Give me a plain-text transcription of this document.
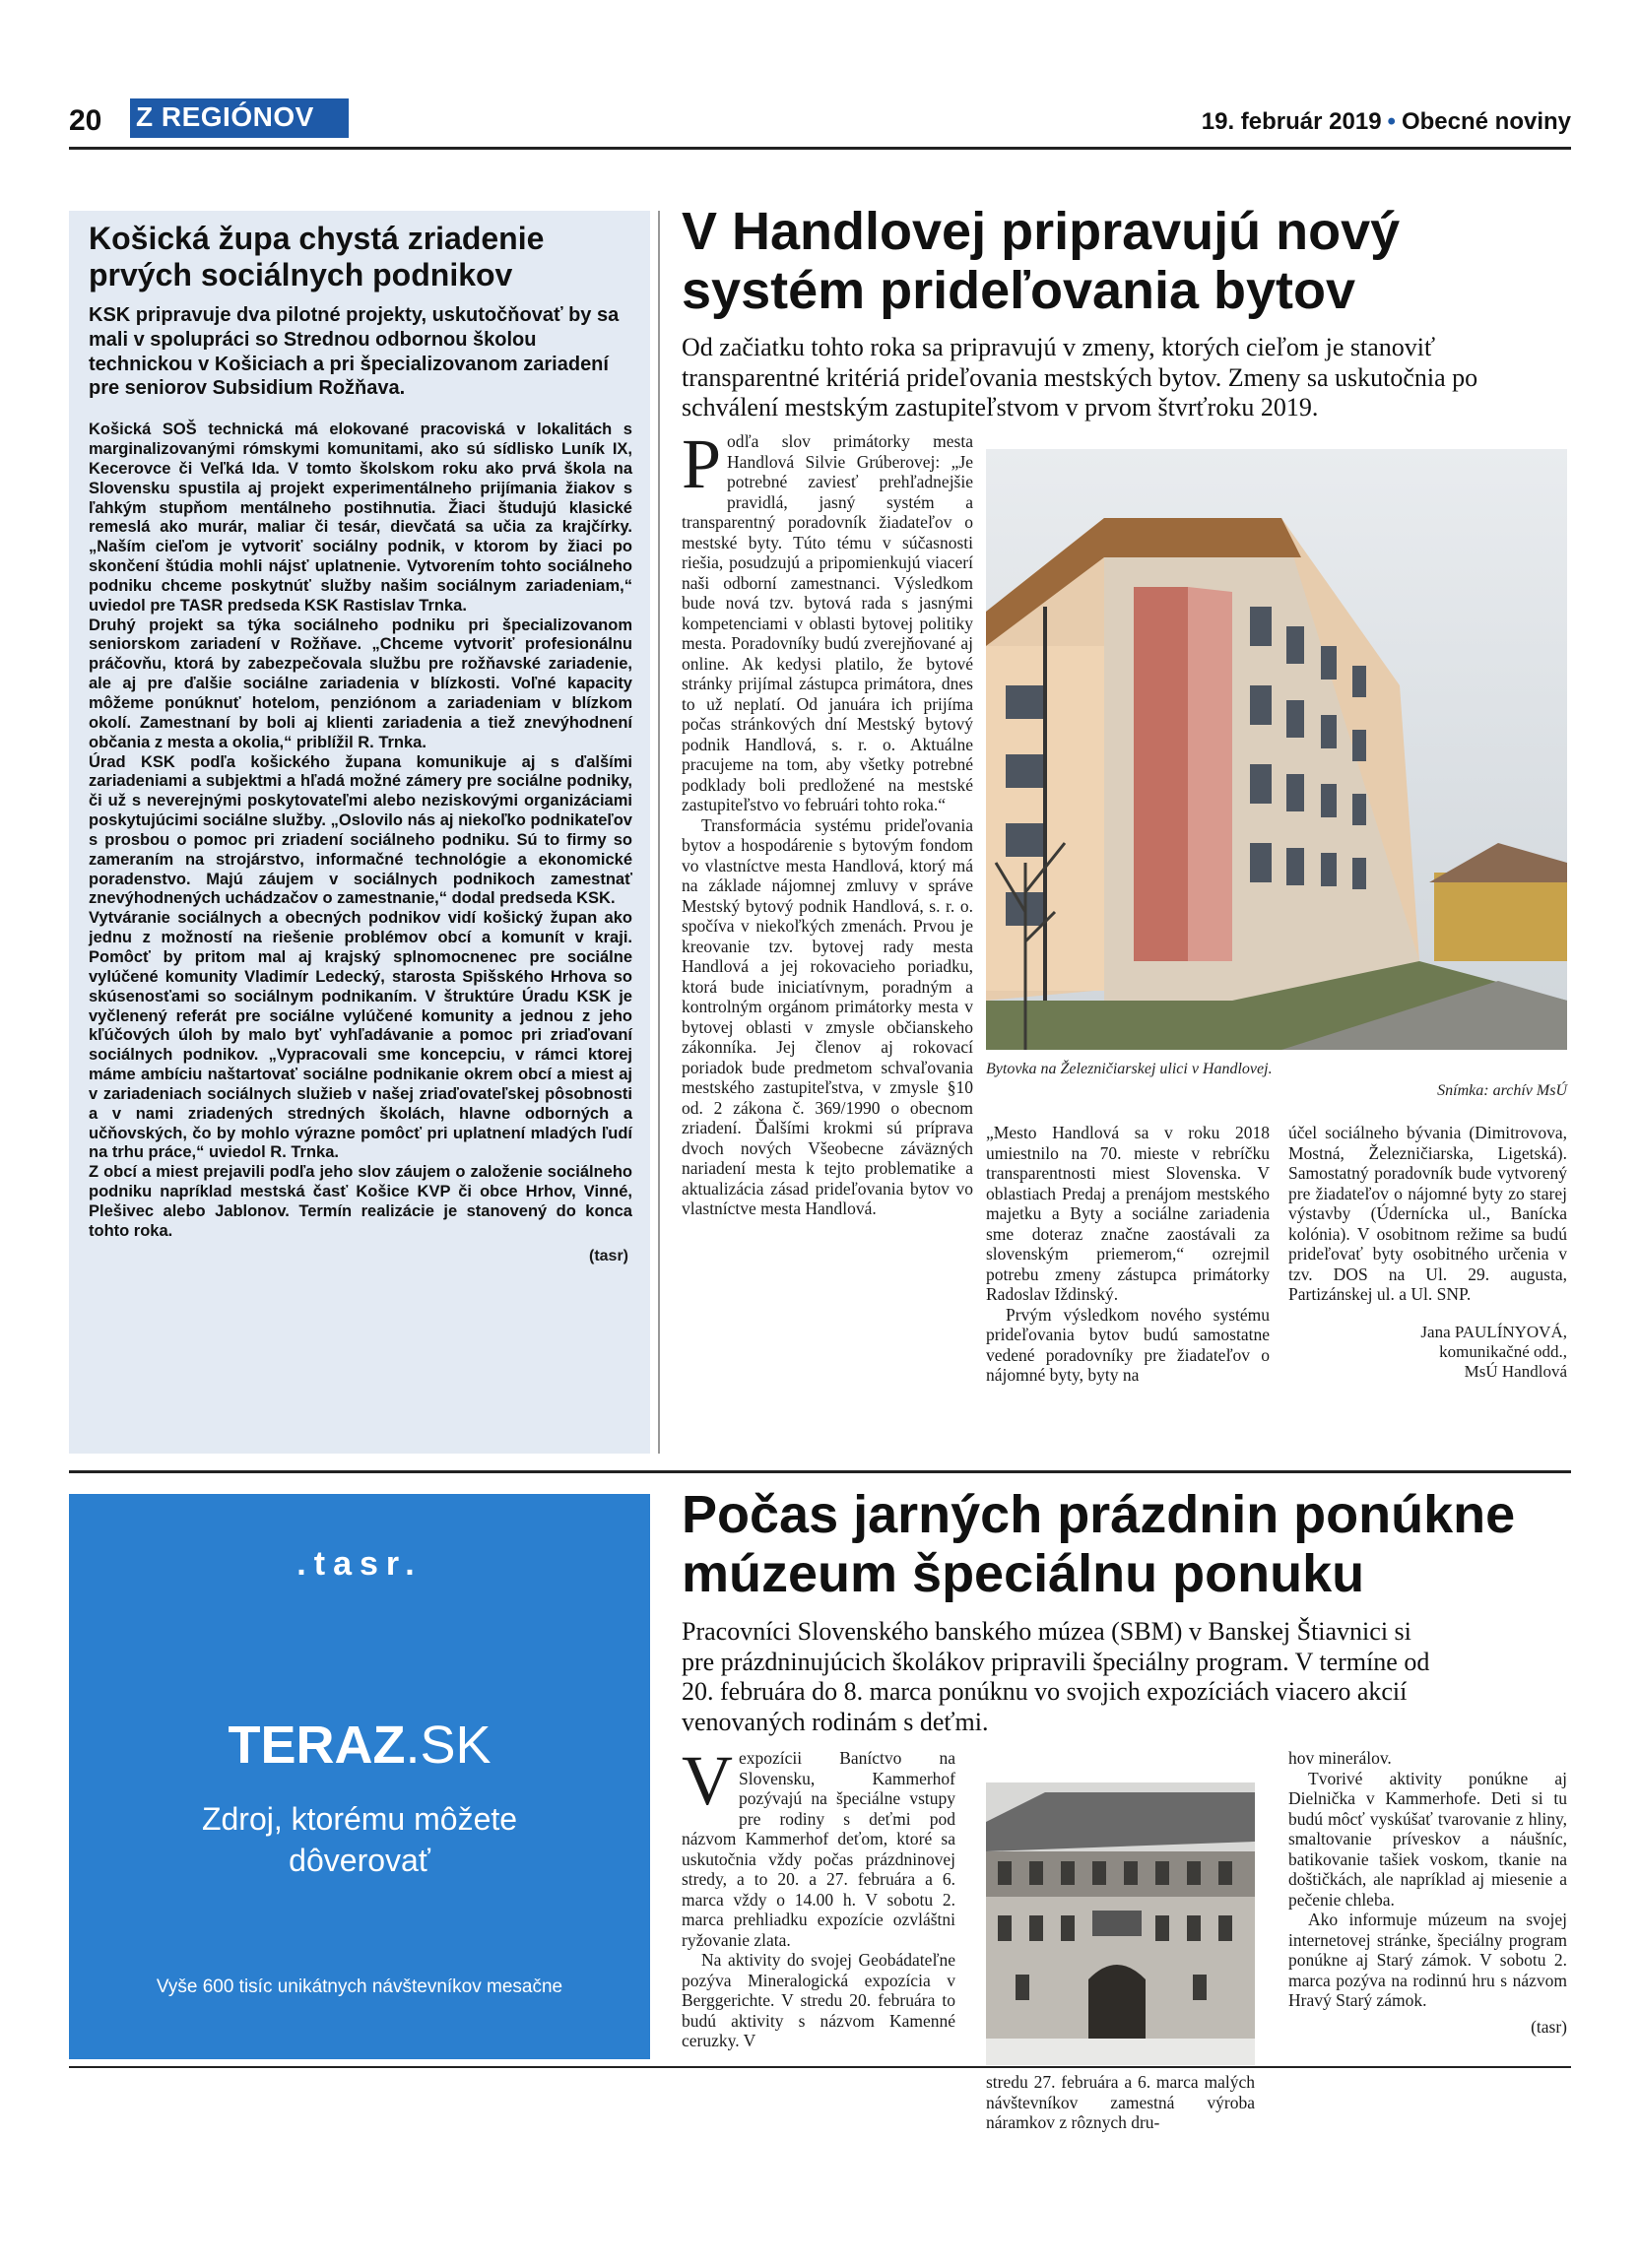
20 Z REGIÓNOV	19. február 2019 • Obecné noviny
Košická župa chystá zriadenie prvých sociálnych podnikov
KSK pripravuje dva pilotné projekty, uskutočňovať by sa mali v spolupráci so Strednou odbornou školou technickou v Košiciach a pri špecializovanom zariadení pre seniorov Subsidium Rožňava.

Košická SOŠ technická má elokované pracoviská v lokalitách s marginalizovanými rómskymi komunitami, ako sú sídlisko Luník IX, Kecerovce či Veľká Ida. V tomto školskom roku ako prvá škola na Slovensku spustila aj projekt experimentálneho prijímania žiakov s ľahkým stupňom mentálneho postihnutia. Žiaci študujú klasické remeslá ako murár, maliar či tesár, dievčatá sa učia za krajčírky. „Naším cieľom je vytvoriť sociálny podnik, v ktorom by žiaci po skončení štúdia mohli nájsť uplatnenie. Vytvorením tohto sociálneho podniku chceme poskytnúť služby našim sociálnym zariadeniam,“ uviedol pre TASR predseda KSK Rastislav Trnka.

Druhý projekt sa týka sociálneho podniku pri špecializovanom seniorskom zariadení v Rožňave. „Chceme vytvoriť profesionálnu práčovňu, ktorá by zabezpečovala službu pre rožňavské zariadenie, ale aj pre ďalšie sociálne zariadenia v blízkosti. Voľné kapacity môžeme ponúknuť hotelom, penziónom a zariadeniam v blízkom okolí. Zamestnaní by boli aj klienti zariadenia a tiež znevýhodnení občania z mesta a okolia,“ priblížil R. Trnka.

Úrad KSK podľa košického župana komunikuje aj s ďalšími zariadeniami a subjektmi a hľadá možné zámery pre sociálne podniky, či už s neverejnými poskytovateľmi alebo neziskovými organizáciami poskytujúcimi sociálne služby. „Oslovilo nás aj niekoľko podnikateľov s prosbou o pomoc pri zriadení sociálneho podniku. Sú to firmy so zameraním na strojárstvo, informačné technológie a ekonomické poradenstvo. Majú záujem v sociálnych podnikoch zamestnať znevýhodnených uchádzačov o zamestnanie,“ dodal predseda KSK.

Vytváranie sociálnych a obecných podnikov vidí košický župan ako jednu z možností na riešenie problémov obcí a komunít v kraji. Pomôcť by pritom mal aj krajský splnomocnenec pre sociálne vylúčené komunity Vladimír Ledecký, starosta Spišského Hrhova so skúsenosťami so sociálnym podnikaním. V štruktúre Úradu KSK je vyčlenený referát pre sociálne vylúčené komunity a jednou z jeho kľúčových úloh by malo byť vyhľadávanie a pomoc pri zriaďovaní sociálnych podnikov. „Vypracovali sme koncepciu, v rámci ktorej máme ambíciu naštartovať sociálne podnikanie okrem obcí a miest aj v zariadeniach sociálnych služieb v našej zriaďovateľskej pôsobnosti a v nami zriadených stredných školách, hlavne odborných a učňovských, čo by mohlo výrazne pomôcť pri uplatnení mladých ľudí na trhu práce,“ uviedol R. Trnka.

Z obcí a miest prejavili podľa jeho slov záujem o založenie sociálneho podniku napríklad mestská časť Košice KVP či obce Hrhov, Vinné, Plešivec alebo Jablonov. Termín realizácie je stanovený do konca tohto roka.

(tasr)
V Handlovej pripravujú nový systém prideľovania bytov
Od začiatku tohto roka sa pripravujú v zmeny, ktorých cieľom je stanoviť transparentné kritériá prideľovania mestských bytov. Zmeny sa uskutočnia po schválení mestským zastupiteľstvom v prvom štvrťroku 2019.

Podľa slov primátorky mesta Handlová Silvie Grúberovej: „Je potrebné zaviesť prehľadnejšie pravidlá, jasný systém a transparentný poradovník žiadateľov o mestské byty. Túto tému v súčasnosti riešia, posudzujú a pripomienkujú viacerí naši odborní zamestnanci. Výsledkom bude nová tzv. bytová rada s jasnými kompetenciami v oblasti bytovej politiky mesta. Poradovníky budú zverejňované aj online. Ak kedysi platilo, že bytové stránky prijímal zástupca primátora, dnes to už neplatí. Od januára ich prijíma počas stránkových dní Mestský bytový podnik Handlová, s. r. o. Aktuálne pracujeme na tom, aby všetky potrebné podklady boli predložené na mestské zastupiteľstvo vo februári tohto roka.“

Transformácia systému prideľovania bytov a hospodárenie s bytovým fondom vo vlastníctve mesta Handlová, ktorý má na základe nájomnej zmluvy v správe Mestský bytový podnik Handlová, s. r. o. spočíva v niekoľkých zmenách. Prvou je kreovanie tzv. bytovej rady mesta Handlová a jej rokovacieho poriadku, ktorá bude iniciatívnym, poradným a kontrolným orgánom primátorky mesta v bytovej oblasti v zmysle občianskeho zákonníka. Jej členov aj rokovací poriadok bude predmetom schvaľovania mestského zastupiteľstva, v zmysle §10 od. 2 zákona č. 369/1990 o obecnom zriadení. Ďalšími krokmi sú príprava dvoch nových Všeobecne záväzných nariadení mesta k tejto problematike a aktualizácia zásad prideľovania bytov vo vlastníctve mesta Handlová.

Bytovka na Železničiarskej ulici v Handlovej.
Snímka: archív MsÚ

„Mesto Handlová sa v roku 2018 umiestnilo na 70. mieste v rebríčku transparentnosti miest Slovenska. V oblastiach Predaj a prenájom mestského majetku a Byty a sociálne zariadenia sme doteraz značne zaostávali za slovenským priemerom,“ ozrejmil potrebu zmeny zástupca primátorky Radoslav Iždinský.

Prvým výsledkom nového systému prideľovania bytov budú samostatne vedené poradovníky pre žiadateľov o nájomné byty, byty na

účel sociálneho bývania (Dimitrovova, Mostná, Železničiarska, Ligetská). Samostatný poradovník bude vytvorený pre žiadateľov o nájomné byty zo starej výstavby (Údernícka ul., Banícka kolónia). V osobitnom režime sa budú prideľovať byty osobitného určenia v tzv. DOS na Ul. 29. augusta, Partizánskej ul. a Ul. SNP.

Jana PAULÍNYOVÁ,
komunikačné odd.,
MsÚ Handlová
.tasr.
TERAZ.SK
Zdroj, ktorému môžete
dôverovať
Vyše 600 tisíc unikátnych návštevníkov mesačne
Počas jarných prázdnin ponúkne múzeum špeciálnu ponuku
Pracovníci Slovenského banského múzea (SBM) v Banskej Štiavnici si pre prázdninujúcich školákov pripravili špeciálny program. V termíne od 20. februára do 8. marca ponúknu vo svojich expozíciách viacero akcií venovaných rodinám s deťmi.

Vexpozícii Baníctvo na Slovensku, Kammerhof pozývajú na špeciálne vstupy pre rodiny s deťmi pod názvom Kammerhof deťom, ktoré sa uskutočnia vždy počas prázdninovej stredy, a to 20. a 27. februára a 6. marca vždy o 14.00 h. V sobotu 2. marca prehliadku expozície ozvláštni ryžovanie zlata.

Na aktivity do svojej Geobádateľne pozýva Mineralogická expozícia v Berggerichte. V stredu 20. februára to budú aktivity s názvom Kamenné ceruzky. V

stredu 27. februára a 6. marca malých návštevníkov zamestná výroba náramkov z rôznych dru-

hov minerálov.

Tvorivé aktivity ponúkne aj Dielnička v Kammerhofe. Deti si tu budú môcť vyskúšať tvarovanie z hliny, smaltovanie príveskov a náušníc, batikovanie tašiek voskom, tkanie na doštičkách, ale napríklad aj miesenie a pečenie chleba.

Ako informuje múzeum na svojej internetovej stránke, špeciálny program ponúkne aj Starý zámok. V sobotu 2. marca pozýva na rodinnú hru s názvom Hravý Starý zámok.

(tasr)
